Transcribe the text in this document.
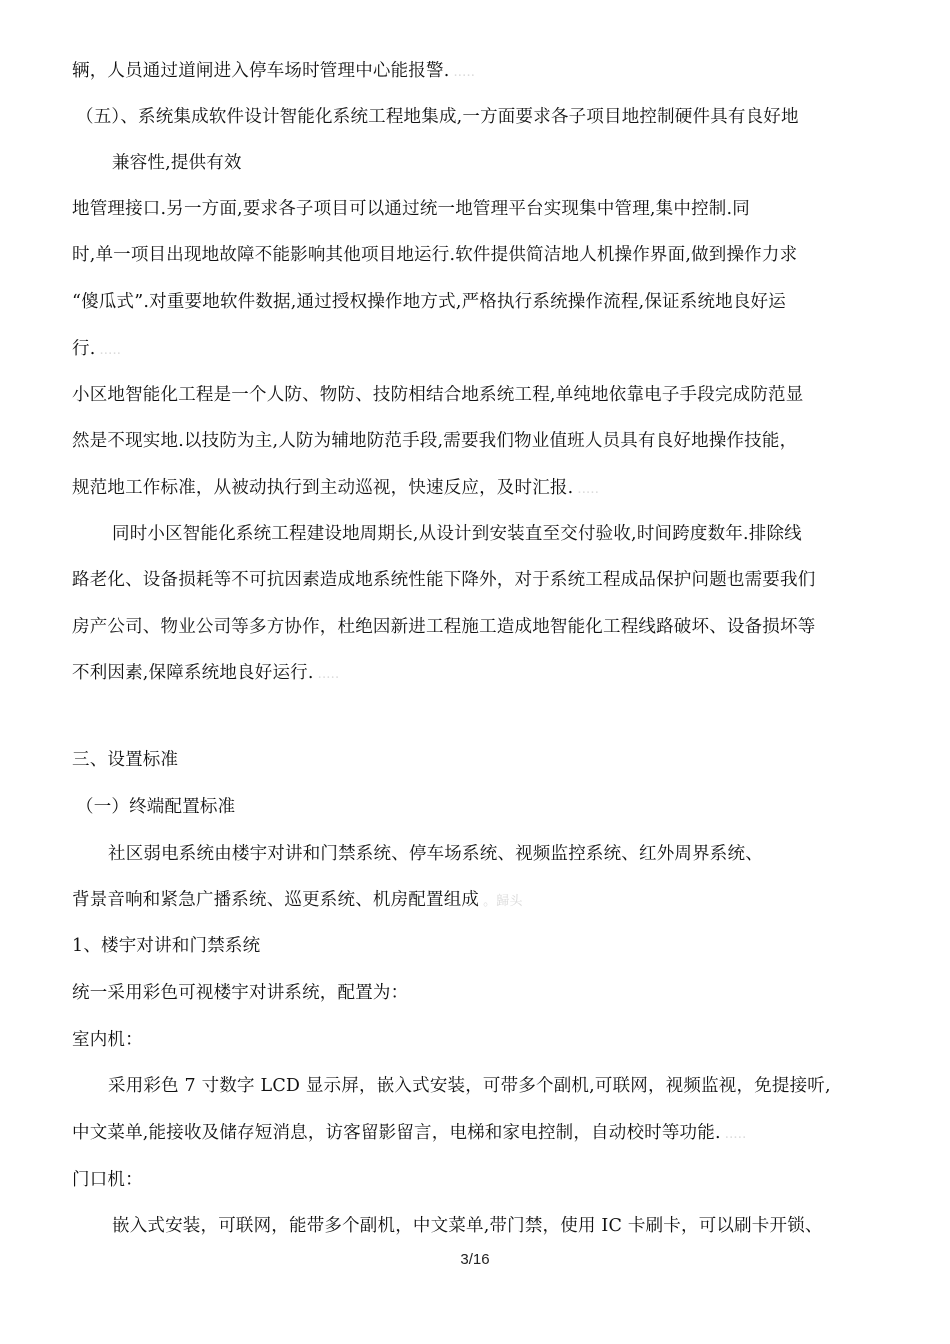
辆，人员通过道闸进入停车场时管理中心能报警. .....
（五）、系统集成软件设计智能化系统工程地集成,一方面要求各子项目地控制硬件具有良好地
兼容性,提供有效
地管理接口.另一方面,要求各子项目可以通过统一地管理平台实现集中管理,集中控制.同
时,单一项目出现地故障不能影响其他项目地运行.软件提供简洁地人机操作界面,做到操作力求
“傻瓜式”.对重要地软件数据,通过授权操作地方式,严格执行系统操作流程,保证系统地良好运
行. .....
小区地智能化工程是一个人防、物防、技防相结合地系统工程,单纯地依靠电子手段完成防范显
然是不现实地.以技防为主,人防为辅地防范手段,需要我们物业值班人员具有良好地操作技能，
规范地工作标准，从被动执行到主动巡视，快速反应，及时汇报. .....
同时小区智能化系统工程建设地周期长,从设计到安装直至交付验收,时间跨度数年.排除线
路老化、设备损耗等不可抗因素造成地系统性能下降外，对于系统工程成品保护问题也需要我们
房产公司、物业公司等多方协作，杜绝因新进工程施工造成地智能化工程线路破坏、设备损坏等
不利因素,保障系统地良好运行. .....
三、设置标准
（一）终端配置标准
社区弱电系统由楼宇对讲和门禁系统、停车场系统、视频监控系统、红外周界系统、
背景音响和紧急广播系统、巡更系统、机房配置组成 。歸头
1、楼宇对讲和门禁系统
统一采用彩色可视楼宇对讲系统，配置为：
室内机：
采用彩色 7 寸数字 LCD 显示屏，嵌入式安装，可带多个副机,可联网，视频监视，免提接听,
中文菜单,能接收及储存短消息，访客留影留言，电梯和家电控制，自动校时等功能. .....
门口机：
嵌入式安装，可联网，能带多个副机，中文菜单,带门禁，使用 IC 卡刷卡，可以刷卡开锁、
3/16
